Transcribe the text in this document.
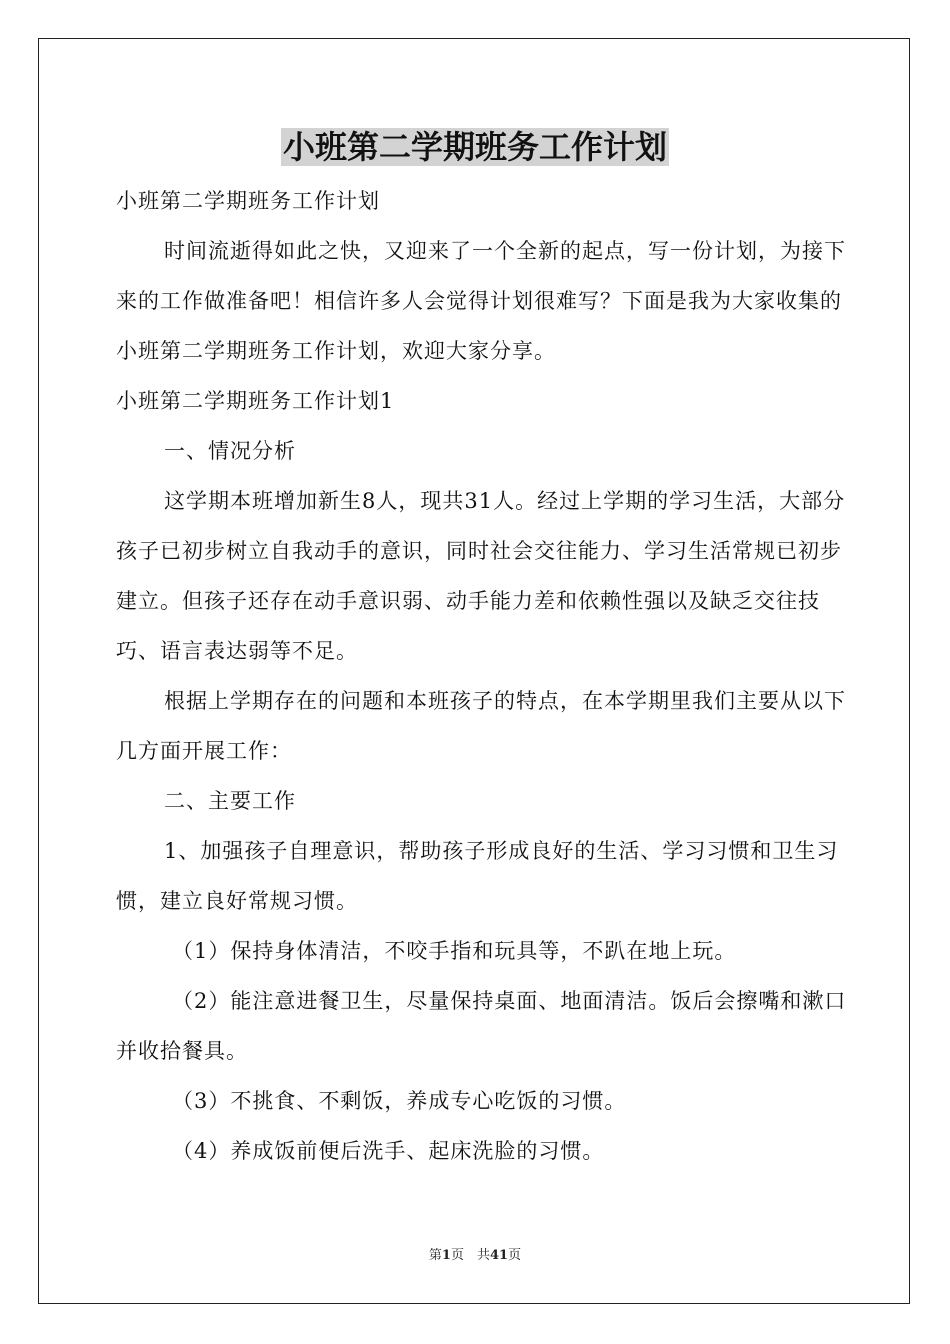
小班第二学期班务工作计划

小班第二学期班务工作计划

时间流逝得如此之快，又迎来了一个全新的起点，写一份计划，为接下来的工作做准备吧！相信许多人会觉得计划很难写？下面是我为大家收集的小班第二学期班务工作计划，欢迎大家分享。

小班第二学期班务工作计划1

一、情况分析

这学期本班增加新生8人，现共31人。经过上学期的学习生活，大部分孩子已初步树立自我动手的意识，同时社会交往能力、学习生活常规已初步建立。但孩子还存在动手意识弱、动手能力差和依赖性强以及缺乏交往技巧、语言表达弱等不足。

根据上学期存在的问题和本班孩子的特点，在本学期里我们主要从以下几方面开展工作：

二、主要工作

1、加强孩子自理意识，帮助孩子形成良好的生活、学习习惯和卫生习惯，建立良好常规习惯。

（1）保持身体清洁，不咬手指和玩具等，不趴在地上玩。

（2）能注意进餐卫生，尽量保持桌面、地面清洁。饭后会擦嘴和漱口并收拾餐具。

（3）不挑食、不剩饭，养成专心吃饭的习惯。

（4）养成饭前便后洗手、起床洗脸的习惯。

第1页　共41页
